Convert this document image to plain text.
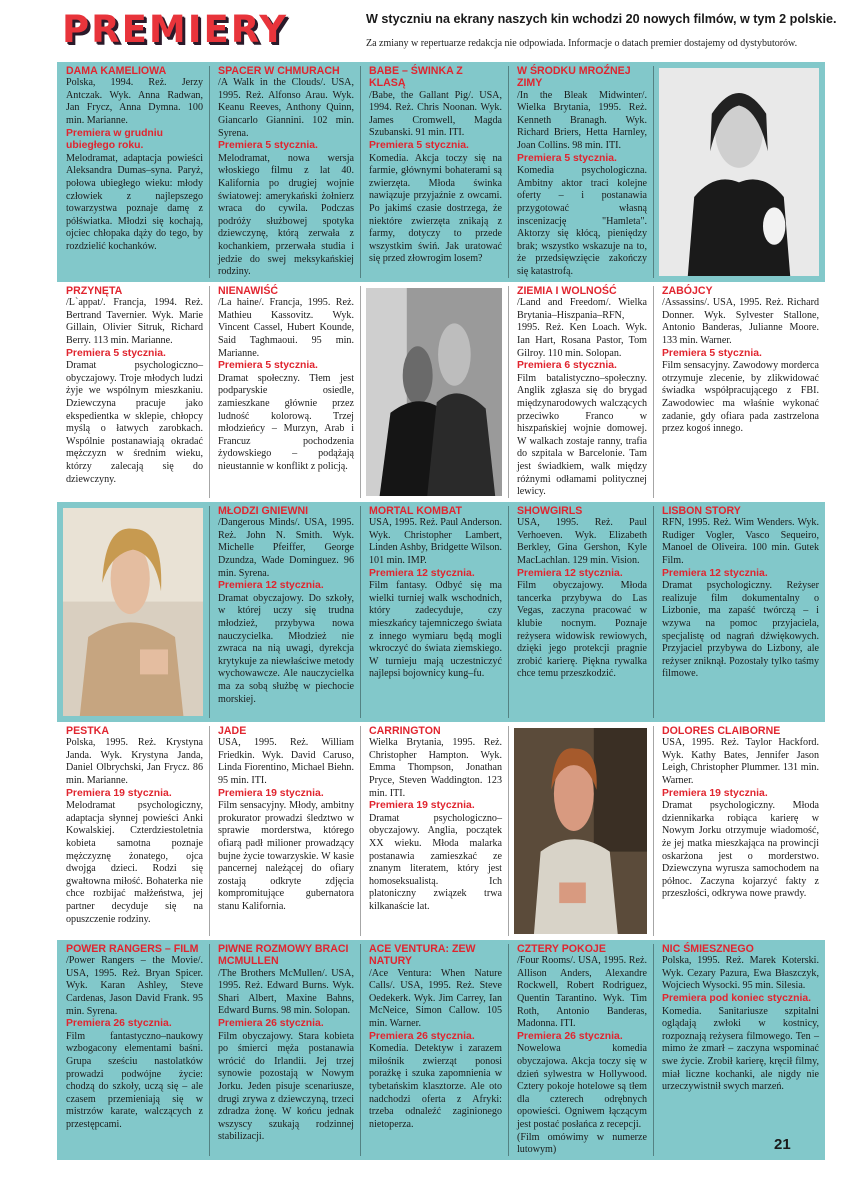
PREMIERY	W styczniu na ekrany naszych kin wchodzi 20 nowych filmów, w tym 2 polskie.
Za zmiany w repertuarze redakcja nie odpowiada. Informacje o datach premier dostajemy od dystybutorów.
DAMA KAMELIOWA

Polska, 1994. Reż. Jerzy Antczak. Wyk. Anna Radwan, Jan Frycz, Anna Dymna. 100 min. Marianne.

Premiera w grudniu ubiegłego roku.

Melodramat, adaptacja powieści Aleksandra Dumas–syna. Paryż, połowa ubiegłego wieku: młody człowiek z najlepszego towarzystwa poznaje damę z półświatka. Młodzi się kochają, ojciec chłopaka dąży do tego, by rozdzielić kochanków.

SPACER W CHMURACH

/A Walk in the Clouds/. USA, 1995. Reż. Alfonso Arau. Wyk. Keanu Reeves, Anthony Quinn, Giancarlo Giannini. 102 min. Syrena.

Premiera 5 stycznia.

Melodramat, nowa wersja włoskiego filmu z lat 40. Kalifornia po drugiej wojnie światowej: amerykański żołnierz wraca do cywila. Podczas podróży służbowej spotyka dziewczynę, którą zerwała z kochankiem, przerwała studia i jedzie do swej meksykańskiej rodziny.

BABE – ŚWINKA Z KLASĄ

/Babe, the Gallant Pig/. USA, 1994. Reż. Chris Noonan. Wyk. James Cromwell, Magda Szubanski. 91 min. ITI.

Premiera 5 stycznia.

Komedia. Akcja toczy się na farmie, głównymi bohaterami są zwierzęta. Młoda świnka nawiązuje przyjaźnie z owcami. Po jakimś czasie dostrzega, że niektóre zwierzęta znikają z farmy, dotyczy to przede wszystkim świń. Jak uratować się przed złowrogim losem?

W ŚRODKU MROŹNEJ ZIMY

/In the Bleak Midwinter/. Wielka Brytania, 1995. Reż. Kenneth Branagh. Wyk. Richard Briers, Hetta Harnley, Joan Collins. 98 min. ITI.

Premiera 5 stycznia.

Komedia psychologiczna. Ambitny aktor traci kolejne oferty – i postanawia przygotować własną inscenizację "Hamleta". Aktorzy się kłócą, pieniędzy brak; wszystko wskazuje na to, że przedsięwzięcie zakończy się katastrofą.

PRZYNĘTA

/L`appat/. Francja, 1994. Reż. Bertrand Tavernier. Wyk. Marie Gillain, Olivier Sitruk, Richard Berry. 113 min. Marianne.

Premiera 5 stycznia.

Dramat psychologiczno–obyczajowy. Troje młodych ludzi żyje we wspólnym mieszkaniu. Dziewczyna pracuje jako ekspedientka w sklepie, chłopcy myślą o łatwych zarobkach. Wspólnie postanawiają okradać mężczyzn w średnim wieku, którzy zalecają się do dziewczyny.

NIENAWIŚĆ

/La haine/. Francja, 1995. Reż. Mathieu Kassovitz. Wyk. Vincent Cassel, Hubert Kounde, Said Taghmaoui. 95 min. Marianne.

Premiera 5 stycznia.

Dramat społeczny. Tłem jest podparyskie osiedle, zamieszkane głównie przez ludność kolorową. Trzej młodzieńcy – Murzyn, Arab i Francuz pochodzenia żydowskiego – podążają nieustannie w konflikt z policją.

ZIEMIA I WOLNOŚĆ

/Land and Freedom/. Wielka Brytania–Hiszpania–RFN, 1995. Reż. Ken Loach. Wyk. Ian Hart, Rosana Pastor, Tom Gilroy. 110 min. Solopan.

Premiera 6 stycznia.

Film batalistyczno–społeczny. Anglik zgłasza się do brygad międzynarodowych walczących przeciwko Franco w hiszpańskiej wojnie domowej. W walkach zostaje ranny, trafia do szpitala w Barcelonie. Tam jest świadkiem, walk między różnymi odłamami politycznej lewicy.

ZABÓJCY

/Assassins/. USA, 1995. Reż. Richard Donner. Wyk. Sylvester Stallone, Antonio Banderas, Julianne Moore. 133 min. Warner.

Premiera 5 stycznia.

Film sensacyjny. Zawodowy morderca otrzymuje zlecenie, by zlikwidować świadka współpracującego z FBI. Zawodowiec ma właśnie wykonać zadanie, gdy ofiara pada zastrzelona przez kogoś innego.

MŁODZI GNIEWNI

/Dangerous Minds/. USA, 1995. Reż. John N. Smith. Wyk. Michelle Pfeiffer, George Dzundza, Wade Dominguez. 96 min. Syrena.

Premiera 12 stycznia.

Dramat obyczajowy. Do szkoły, w której uczy się trudna młodzież, przybywa nowa nauczycielka. Młodzież nie zwraca na nią uwagi, dyrekcja krytykuje za niewłaściwe metody wychowawcze. Ale nauczycielka ma za sobą służbę w piechocie morskiej.

MORTAL KOMBAT

USA, 1995. Reż. Paul Anderson. Wyk. Christopher Lambert, Linden Ashby, Bridgette Wilson. 101 min. IMP.

Premiera 12 stycznia.

Film fantasy. Odbyć się ma wielki turniej walk wschodnich, który zadecyduje, czy mieszkańcy tajemniczego świata z innego wymiaru będą mogli wkroczyć do świata ziemskiego. W turnieju mają uczestniczyć najlepsi bojownicy kung–fu.

SHOWGIRLS

USA, 1995. Reż. Paul Verhoeven. Wyk. Elizabeth Berkley, Gina Gershon, Kyle MacLachlan. 129 min. Vision.

Premiera 12 stycznia.

Film obyczajowy. Młoda tancerka przybywa do Las Vegas, zaczyna pracować w klubie nocnym. Poznaje reżysera widowisk rewiowych, dzięki jego protekcji pragnie zrobić karierę. Piękna rywalka chce temu przeszkodzić.

LISBON STORY

RFN, 1995. Reż. Wim Wenders. Wyk. Rudiger Vogler, Vasco Sequeiro, Manoel de Oliveira. 100 min. Gutek Film.

Premiera 12 stycznia.

Dramat psychologiczny. Reżyser realizuje film dokumentalny o Lizbonie, ma zapaść twórczą – i wzywa na pomoc przyjaciela, specjalistę od nagrań dźwiękowych. Przyjaciel przybywa do Lizbony, ale reżyser zniknął. Pozostały tylko taśmy filmowe.

PESTKA

Polska, 1995. Reż. Krystyna Janda. Wyk. Krystyna Janda, Daniel Olbrychski, Jan Frycz. 86 min. Marianne.

Premiera 19 stycznia.

Melodramat psychologiczny, adaptacja słynnej powieści Anki Kowalskiej. Czterdziestoletnia kobieta samotna poznaje mężczyznę żonatego, ojca dwojga dzieci. Rodzi się gwałtowna miłość. Bohaterka nie chce rozbijać małżeństwa, jej partner decyduje się na opuszczenie rodziny.

JADE

USA, 1995. Reż. William Friedkin. Wyk. David Caruso, Linda Fiorentino, Michael Biehn. 95 min. ITI.

Premiera 19 stycznia.

Film sensacyjny. Młody, ambitny prokurator prowadzi śledztwo w sprawie morderstwa, którego ofiarą padł milioner prowadzący bujne życie towarzyskie. W kasie pancernej należącej do ofiary zostają odkryte zdjęcia kompromitujące gubernatora stanu Kalifornia.

CARRINGTON

Wielka Brytania, 1995. Reż. Christopher Hampton. Wyk. Emma Thompson, Jonathan Pryce, Steven Waddington. 123 min. ITI.

Premiera 19 stycznia.

Dramat psychologiczno–obyczajowy. Anglia, początek XX wieku. Młoda malarka postanawia zamieszkać ze znanym literatem, który jest homoseksualistą. Ich platoniczny związek trwa kilkanaście lat.

DOLORES CLAIBORNE

USA, 1995. Reż. Taylor Hackford. Wyk. Kathy Bates, Jennifer Jason Leigh, Christopher Plummer. 131 min. Warner.

Premiera 19 stycznia.

Dramat psychologiczny. Młoda dziennikarka robiąca karierę w Nowym Jorku otrzymuje wiadomość, że jej matka mieszkająca na prowincji oskarżona jest o morderstwo. Dziewczyna wyrusza samochodem na północ. Zaczyna kojarzyć fakty z przeszłości, odkrywa nowe prawdy.

POWER RANGERS – FILM

/Power Rangers – the Movie/. USA, 1995. Reż. Bryan Spicer. Wyk. Karan Ashley, Steve Cardenas, Jason David Frank. 95 min. Syrena.

Premiera 26 stycznia.

Film fantastyczno–naukowy wzbogacony elementami baśni. Grupa sześciu nastolatków prowadzi podwójne życie: chodzą do szkoły, uczą się – ale czasem przemieniają się w mistrzów karate, walczących z przestępcami.

PIWNE ROZMOWY BRACI MCMULLEN

/The Brothers McMullen/. USA, 1995. Reż. Edward Burns. Wyk. Shari Albert, Maxine Bahns, Edward Burns. 98 min. Solopan.

Premiera 26 stycznia.

Film obyczajowy. Stara kobieta po śmierci męża postanawia wrócić do Irlandii. Jej trzej synowie pozostają w Nowym Jorku. Jeden pisuje scenariusze, drugi zrywa z dziewczyną, trzeci zdradza żonę. W końcu jednak wszyscy szukają rodzinnej stabilizacji.

ACE VENTURA: ZEW NATURY

/Ace Ventura: When Nature Calls/. USA, 1995. Reż. Steve Oedekerk. Wyk. Jim Carrey, Ian McNeice, Simon Callow. 105 min. Warner.

Premiera 26 stycznia.

Komedia. Detektyw i zarazem miłośnik zwierząt ponosi porażkę i szuka zapomnienia w tybetańskim klasztorze. Ale oto nadchodzi oferta z Afryki: trzeba odnaleźć zaginionego nietoperza.

CZTERY POKOJE

/Four Rooms/. USA, 1995. Reż. Allison Anders, Alexandre Rockwell, Robert Rodriguez, Quentin Tarantino. Wyk. Tim Roth, Antonio Banderas, Madonna. ITI.

Premiera 26 stycznia.

Nowelowa komedia obyczajowa. Akcja toczy się w dzień sylwestra w Hollywood. Cztery pokoje hotelowe są tłem dla czterech odrębnych opowieści. Ogniwem łączącym jest postać posłańca z recepcji.

(Film omówimy w numerze lutowym)

NIC ŚMIESZNEGO

Polska, 1995. Reż. Marek Koterski. Wyk. Cezary Pazura, Ewa Błaszczyk, Wojciech Wysocki. 95 min. Silesia.

Premiera pod koniec stycznia.

Komedia. Sanitariusze szpitalni oglądają zwłoki w kostnicy, rozpoznają reżysera filmowego. Ten – mimo że zmarł – zaczyna wspominać swe życie. Zrobił karierę, kręcił filmy, miał liczne kochanki, ale nigdy nie urzeczywistnił swych marzeń.

21
